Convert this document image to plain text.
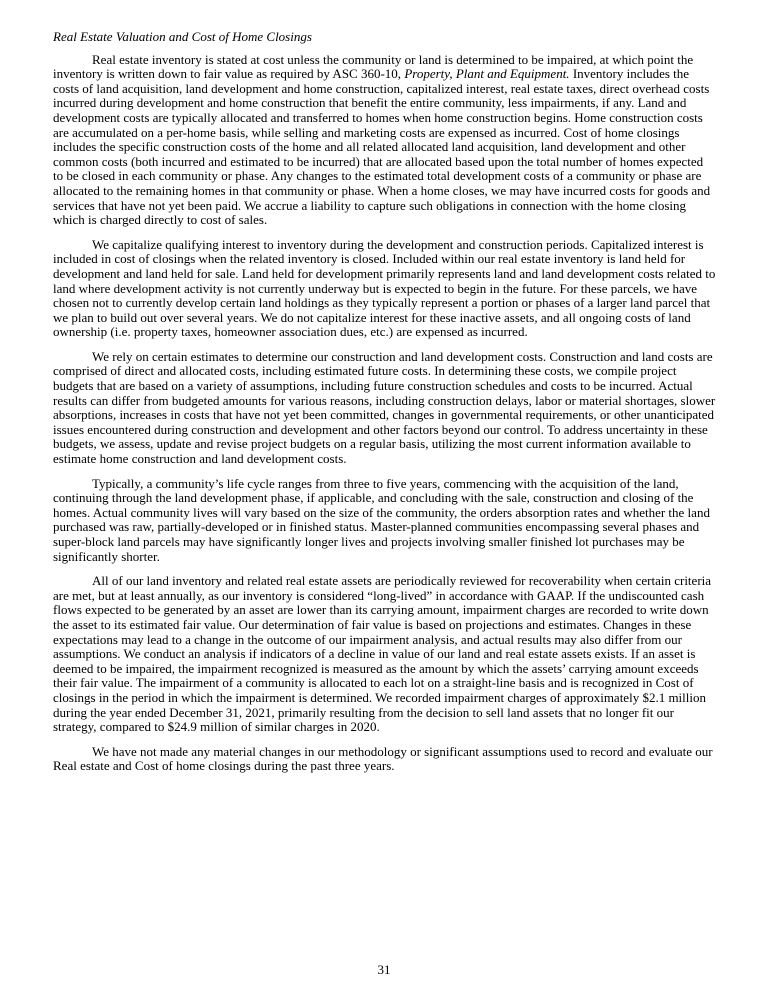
Real Estate Valuation and Cost of Home Closings

Real estate inventory is stated at cost unless the community or land is determined to be impaired, at which point the inventory is written down to fair value as required by ASC 360-10, Property, Plant and Equipment. Inventory includes the costs of land acquisition, land development and home construction, capitalized interest, real estate taxes, direct overhead costs incurred during development and home construction that benefit the entire community, less impairments, if any. Land and development costs are typically allocated and transferred to homes when home construction begins. Home construction costs are accumulated on a per-home basis, while selling and marketing costs are expensed as incurred. Cost of home closings includes the specific construction costs of the home and all related allocated land acquisition, land development and other common costs (both incurred and estimated to be incurred) that are allocated based upon the total number of homes expected to be closed in each community or phase. Any changes to the estimated total development costs of a community or phase are allocated to the remaining homes in that community or phase. When a home closes, we may have incurred costs for goods and services that have not yet been paid. We accrue a liability to capture such obligations in connection with the home closing which is charged directly to cost of sales.

We capitalize qualifying interest to inventory during the development and construction periods. Capitalized interest is included in cost of closings when the related inventory is closed. Included within our real estate inventory is land held for development and land held for sale. Land held for development primarily represents land and land development costs related to land where development activity is not currently underway but is expected to begin in the future. For these parcels, we have chosen not to currently develop certain land holdings as they typically represent a portion or phases of a larger land parcel that we plan to build out over several years. We do not capitalize interest for these inactive assets, and all ongoing costs of land ownership (i.e. property taxes, homeowner association dues, etc.) are expensed as incurred.

We rely on certain estimates to determine our construction and land development costs. Construction and land costs are comprised of direct and allocated costs, including estimated future costs. In determining these costs, we compile project budgets that are based on a variety of assumptions, including future construction schedules and costs to be incurred. Actual results can differ from budgeted amounts for various reasons, including construction delays, labor or material shortages, slower absorptions, increases in costs that have not yet been committed, changes in governmental requirements, or other unanticipated issues encountered during construction and development and other factors beyond our control. To address uncertainty in these budgets, we assess, update and revise project budgets on a regular basis, utilizing the most current information available to estimate home construction and land development costs.

Typically, a community’s life cycle ranges from three to five years, commencing with the acquisition of the land, continuing through the land development phase, if applicable, and concluding with the sale, construction and closing of the homes. Actual community lives will vary based on the size of the community, the orders absorption rates and whether the land purchased was raw, partially-developed or in finished status. Master-planned communities encompassing several phases and super-block land parcels may have significantly longer lives and projects involving smaller finished lot purchases may be significantly shorter.

All of our land inventory and related real estate assets are periodically reviewed for recoverability when certain criteria are met, but at least annually, as our inventory is considered “long-lived” in accordance with GAAP. If the undiscounted cash flows expected to be generated by an asset are lower than its carrying amount, impairment charges are recorded to write down the asset to its estimated fair value. Our determination of fair value is based on projections and estimates. Changes in these expectations may lead to a change in the outcome of our impairment analysis, and actual results may also differ from our assumptions. We conduct an analysis if indicators of a decline in value of our land and real estate assets exists. If an asset is deemed to be impaired, the impairment recognized is measured as the amount by which the assets’ carrying amount exceeds their fair value. The impairment of a community is allocated to each lot on a straight-line basis and is recognized in Cost of closings in the period in which the impairment is determined. We recorded impairment charges of approximately $2.1 million during the year ended December 31, 2021, primarily resulting from the decision to sell land assets that no longer fit our strategy, compared to $24.9 million of similar charges in 2020.

We have not made any material changes in our methodology or significant assumptions used to record and evaluate our Real estate and Cost of home closings during the past three years.

31
